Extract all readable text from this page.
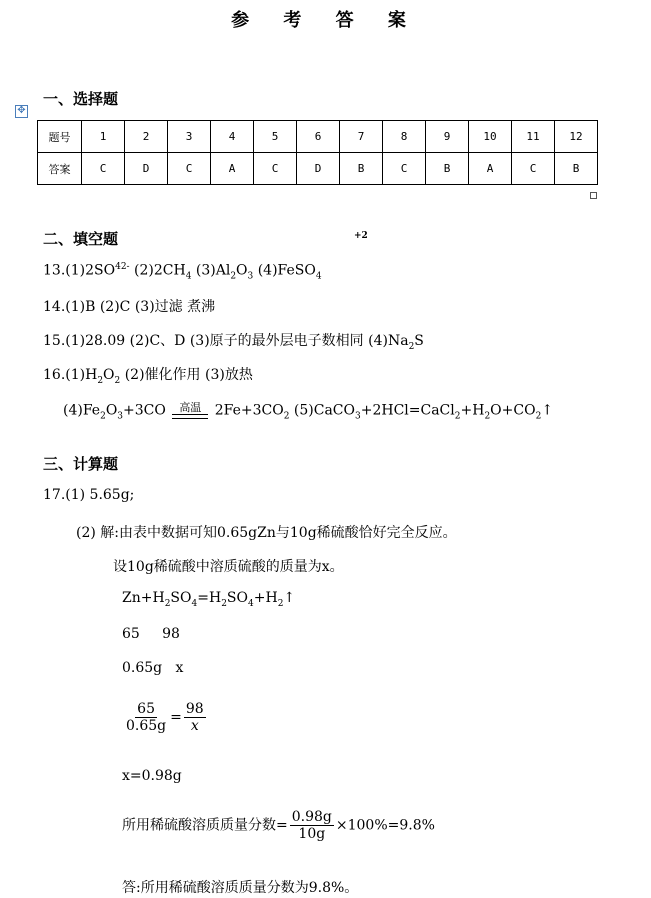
参 考 答 案
一、选择题
✥
题号	1	2	3	4	5	6	7	8	9	10	11	12
答案	C	D	C	A	C	D	B	C	B	A	C	B
二、填空题	+2
$13.(1)2SO^{42-}$ $(2)2CH_4$ $(3)Al_2O_3$ (4)FeSO$_4$
14.(1)B (2)C (3)过滤 煮沸
15.(1)28.09 (2)C、D (3)原子的最外层电子数相同 $(4)Na_2S$
$16.(1)H_2O_2$ (2)催化作用 (3)放热
$(4)Fe_2O_3+3CO$ 高温 $2Fe+3CO_2$ $(5)CaCO_3+2HCl=CaCl_2+H_2O+CO_2↑$
三、计算题
17.(1) 5.65g;
(2) 解:由表中数据可知0.65gZn与10g稀硫酸恰好完全反应。
设10g稀硫酸中溶质硫酸的质量为x。
$Zn+H_2SO_4=H_2SO_4+H_2↑$
65     98
0.65g   x
$\frac{65}{0.65g} = \frac{98}{x}$
x=0.98g
所用稀硫酸溶质质量分数= $\frac{0.98g}{10g} \times 100\%=9.8\%$
答:所用稀硫酸溶质质量分数为9.8%。
